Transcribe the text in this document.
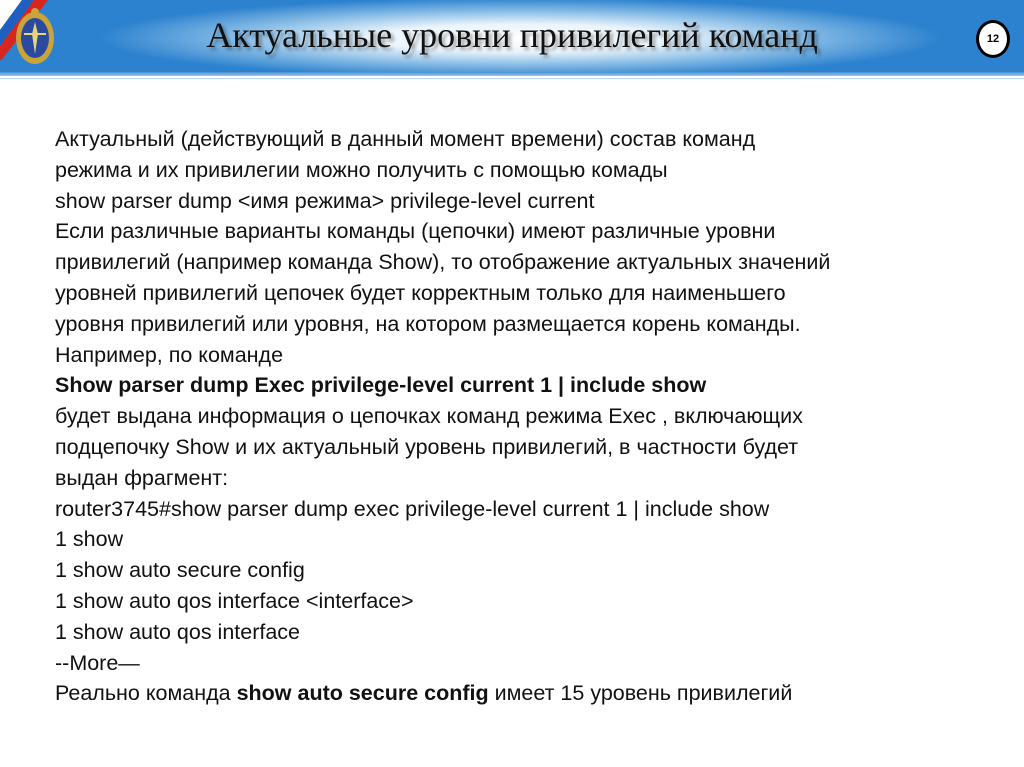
Актуальные уровни привилегий команд	12
Актуальный (действующий в данный момент времени) состав команд
режима и их привилегии можно получить с помощью комады
show parser dump <имя режима> privilege-level current
Если различные варианты команды (цепочки) имеют различные уровни
привилегий (например команда Show), то отображение актуальных значений
уровней привилегий цепочек будет корректным только для наименьшего
уровня привилегий или уровня, на котором размещается корень команды.
Например, по команде
Show parser dump Exec privilege-level current 1 | include show
будет выдана информация о цепочках команд режима Exec , включающих
подцепочку Show и их актуальный уровень привилегий, в частности будет
выдан фрагмент:
router3745#show parser dump exec privilege-level current 1 | include show
1 show
1 show auto secure config
1 show auto qos interface <interface>
1 show auto qos interface
--More—
Реально команда show auto secure config имеет 15 уровень привилегий
